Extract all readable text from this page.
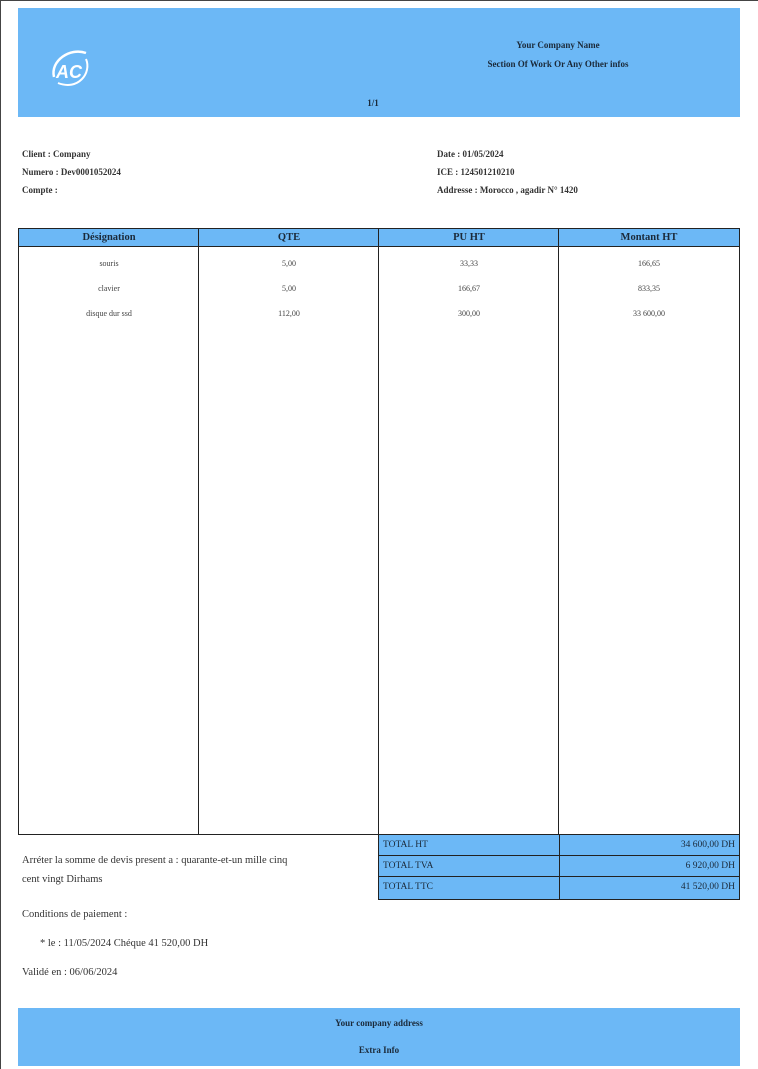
AC
Your Company Name
Section Of Work Or Any Other infos
1/1
Client : Company
Numero : Dev0001052024
Compte :
Date : 01/05/2024
ICE : 124501210210
Addresse : Morocco , agadir N° 1420
Désignation	QTE	PU HT	Montant HT
souris	5,00	33,33	166,65
clavier	5,00	166,67	833,35
disque dur ssd	112,00	300,00	33 600,00
TOTAL HT	34 600,00 DH
TOTAL TVA	6 920,00 DH
TOTAL TTC	41 520,00 DH
Arréter la somme de devis present a : quarante-et-un mille cinq
cent vingt Dirhams
Conditions de paiement :
* le : 11/05/2024 Chéque 41 520,00 DH
Validé en : 06/06/2024
Your company address
Extra Info
